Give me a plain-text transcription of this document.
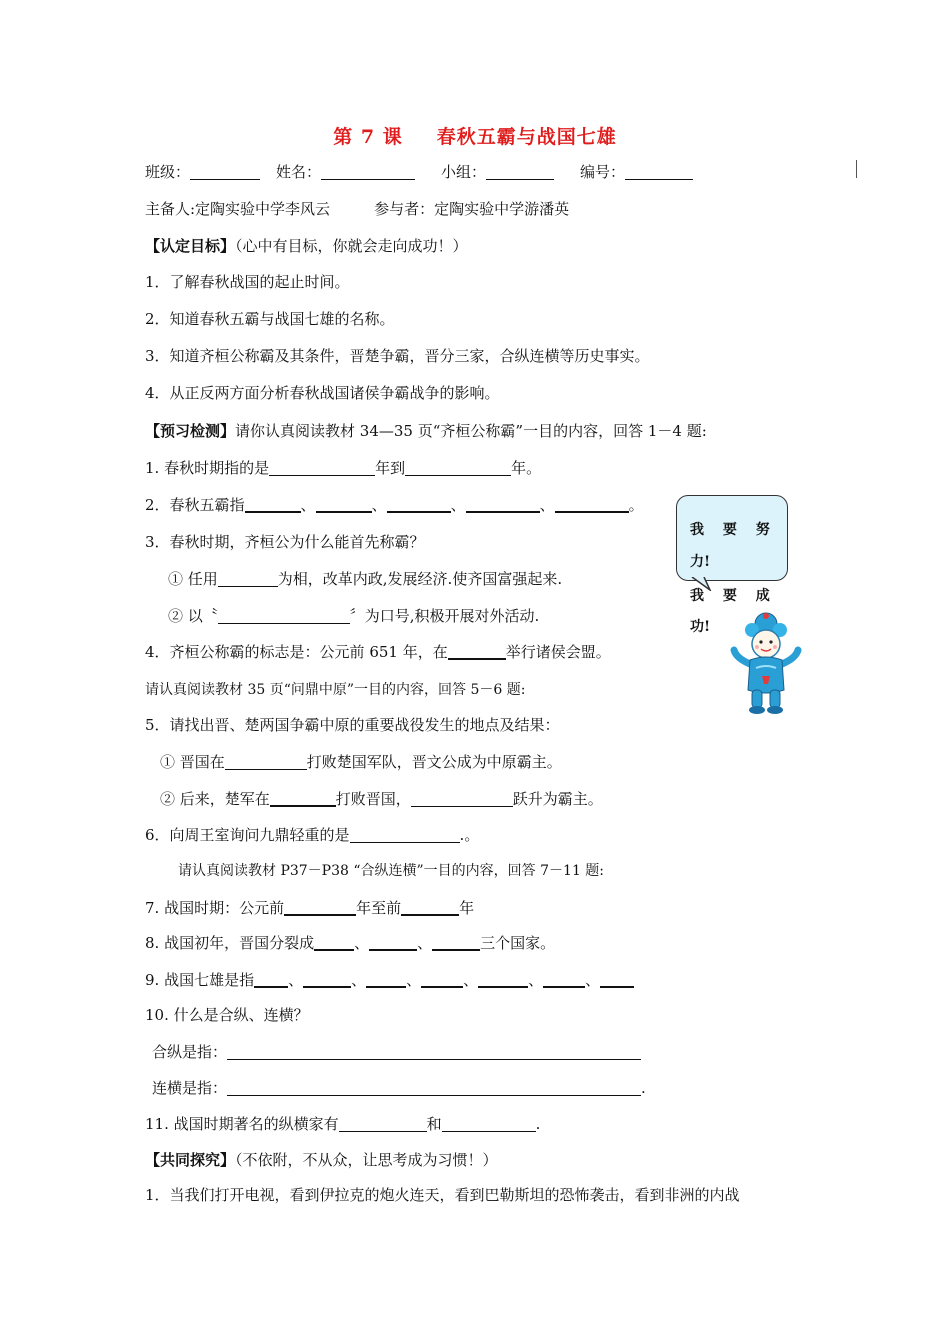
第 7 课 春秋五霸与战国七雄
班级：	姓名：	小组：	编号：
主备人:定陶实验中学李风云	参与者：定陶实验中学游潘英
【认定目标】（心中有目标，你就会走向成功！）
1．了解春秋战国的起止时间。
2．知道春秋五霸与战国七雄的名称。
3．知道齐桓公称霸及其条件，晋楚争霸，晋分三家，合纵连横等历史事实。
4．从正反两方面分析春秋战国诸侯争霸战争的影响。
【预习检测】请你认真阅读教材 34—35 页“齐桓公称霸”一目的内容，回答 1－4 题:
1. 春秋时期指的是	年到	年。
2．春秋五霸指	、	、	、	、	。
3．春秋时期，齐桓公为什么能首先称霸？
① 任用	为相，改革内政,发展经济.使齐国富强起来.
② 以〝	〞为口号,积极开展对外活动.
4．齐桓公称霸的标志是：公元前 651 年，在	举行诸侯会盟。
请认真阅读教材 35 页“问鼎中原”一目的内容，回答 5－6 题:
5．请找出晋、楚两国争霸中原的重要战役发生的地点及结果：
① 晋国在	打败楚国军队，晋文公成为中原霸主。
② 后来，楚军在	打败晋国，	跃升为霸主。
6．向周王室询问九鼎轻重的是	.。
请认真阅读教材 P37－P38 “合纵连横”一目的内容，回答 7－11 题:
7. 战国时期：公元前	年至前	年
8. 战国初年，晋国分裂成	、	、	三个国家。
9. 战国七雄是指 、	、	、	、	、	、
10. 什么是合纵、连横？
合纵是指：
连横是指：	.
11. 战国时期著名的纵横家有	和	.
【共同探究】（不依附，不从众，让思考成为习惯！）
1．当我们打开电视，看到伊拉克的炮火连天，看到巴勒斯坦的恐怖袭击，看到非洲的内战
我 要 努
力!
我 要 成
功!
